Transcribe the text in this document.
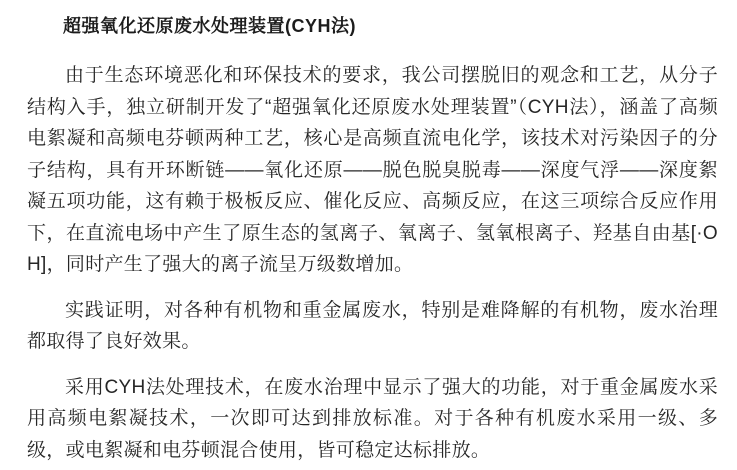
超强氧化还原废水处理装置(CYH法)

由于生态环境恶化和环保技术的要求，我公司摆脱旧的观念和工艺，从分子结构入手，独立研制开发了“超强氧化还原废水处理装置”（CYH法），涵盖了高频电絮凝和高频电芬顿两种工艺，核心是高频直流电化学，该技术对污染因子的分子结构，具有开环断链——氧化还原——脱色脱臭脱毒——深度气浮——深度絮凝五项功能，这有赖于极板反应、催化反应、高频反应，在这三项综合反应作用下，在直流电场中产生了原生态的氢离子、氧离子、氢氧根离子、羟基自由基[·OH]，同时产生了强大的离子流呈万级数增加。

实践证明，对各种有机物和重金属废水，特别是难降解的有机物，废水治理都取得了良好效果。

采用CYH法处理技术，在废水治理中显示了强大的功能，对于重金属废水采用高频电絮凝技术，一次即可达到排放标准。对于各种有机废水采用一级、多级，或电絮凝和电芬顿混合使用，皆可稳定达标排放。
